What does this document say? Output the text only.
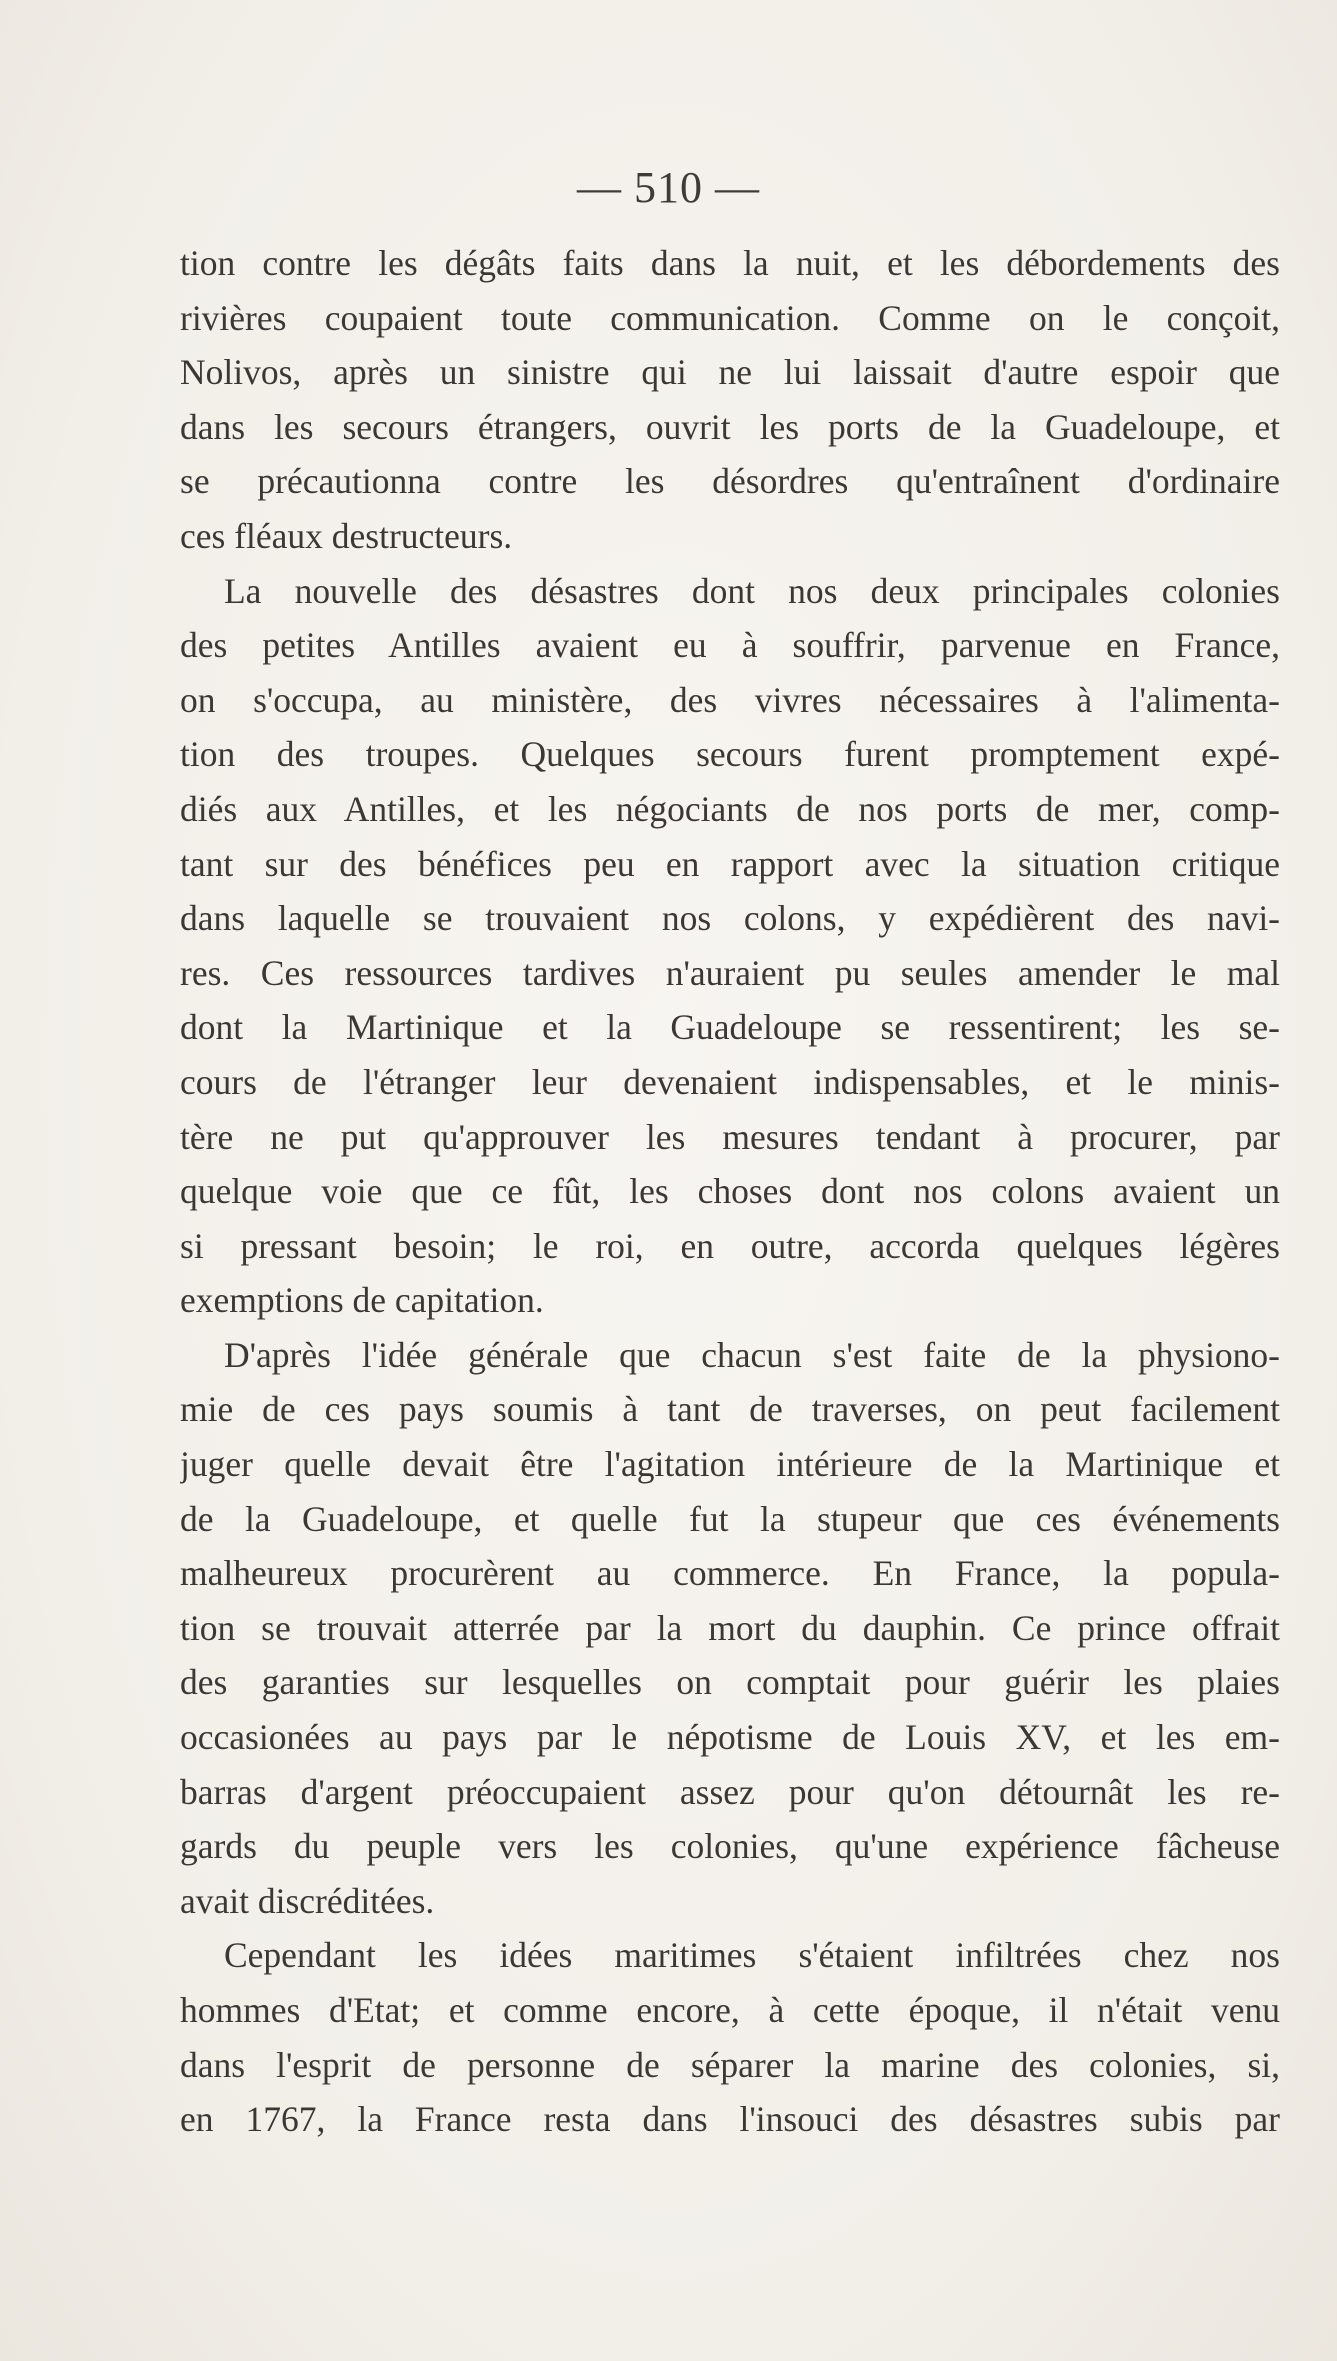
— 510 —
tion contre les dégâts faits dans la nuit, et les débordements des
rivières coupaient toute communication. Comme on le conçoit,
Nolivos, après un sinistre qui ne lui laissait d'autre espoir que
dans les secours étrangers, ouvrit les ports de la Guadeloupe, et
se précautionna contre les désordres qu'entraînent d'ordinaire
ces fléaux destructeurs.
La nouvelle des désastres dont nos deux principales colonies
des petites Antilles avaient eu à souffrir, parvenue en France,
on s'occupa, au ministère, des vivres nécessaires à l'alimenta-
tion des troupes. Quelques secours furent promptement expé-
diés aux Antilles, et les négociants de nos ports de mer, comp-
tant sur des bénéfices peu en rapport avec la situation critique
dans laquelle se trouvaient nos colons, y expédièrent des navi-
res. Ces ressources tardives n'auraient pu seules amender le mal
dont la Martinique et la Guadeloupe se ressentirent; les se-
cours de l'étranger leur devenaient indispensables, et le minis-
tère ne put qu'approuver les mesures tendant à procurer, par
quelque voie que ce fût, les choses dont nos colons avaient un
si pressant besoin; le roi, en outre, accorda quelques légères
exemptions de capitation.
D'après l'idée générale que chacun s'est faite de la physiono-
mie de ces pays soumis à tant de traverses, on peut facilement
juger quelle devait être l'agitation intérieure de la Martinique et
de la Guadeloupe, et quelle fut la stupeur que ces événements
malheureux procurèrent au commerce. En France, la popula-
tion se trouvait atterrée par la mort du dauphin. Ce prince offrait
des garanties sur lesquelles on comptait pour guérir les plaies
occasionées au pays par le népotisme de Louis XV, et les em-
barras d'argent préoccupaient assez pour qu'on détournât les re-
gards du peuple vers les colonies, qu'une expérience fâcheuse
avait discréditées.
Cependant les idées maritimes s'étaient infiltrées chez nos
hommes d'Etat; et comme encore, à cette époque, il n'était venu
dans l'esprit de personne de séparer la marine des colonies, si,
en 1767, la France resta dans l'insouci des désastres subis par
